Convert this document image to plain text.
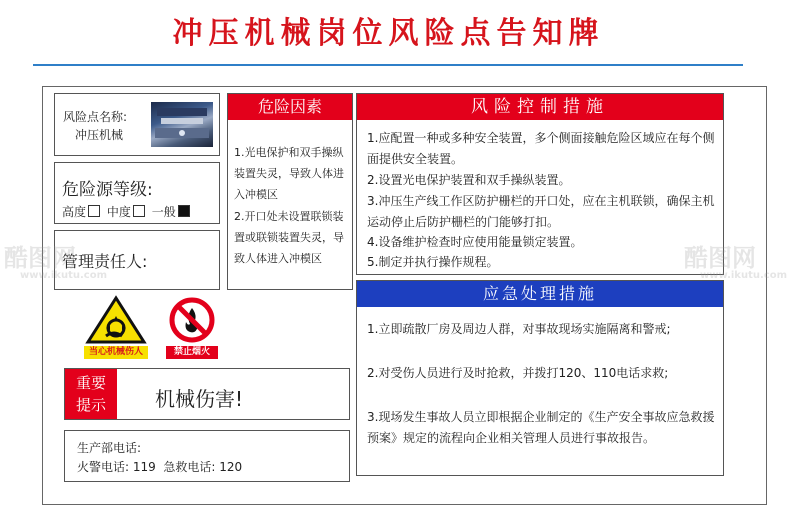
冲压机械岗位风险点告知牌
风险点名称:
冲压机械
危险源等级:
高度 中度 一般
管理责任人:
当心机械伤人	禁止烟火
重要
提示	机械伤害!
生产部电话:
火警电话: 119  急救电话: 120
危险因素
1.光电保护和双手操纵装置失灵，导致人体进入冲模区
2.开口处未设置联锁装置或联锁装置失灵，导致人体进入冲模区
风险控制措施
1.应配置一种或多种安全装置，多个侧面接触危险区域应在每个侧面提供安全装置。
2.设置光电保护装置和双手操纵装置。
3.冲压生产线工作区防护栅栏的开口处，应在主机联锁，确保主机运动停止后防护栅栏的门能够打扣。
4.设备维护检查时应使用能量锁定装置。
5.制定并执行操作规程。
应急处理措施
1.立即疏散厂房及周边人群，对事故现场实施隔离和警戒;
2.对受伤人员进行及时抢救，并拨打120、110电话求救;
3.现场发生事故人员立即根据企业制定的《生产安全事故应急救援预案》规定的流程向企业相关管理人员进行事故报告。
酷图网
www.ikutu.com
酷图网
www.ikutu.com
